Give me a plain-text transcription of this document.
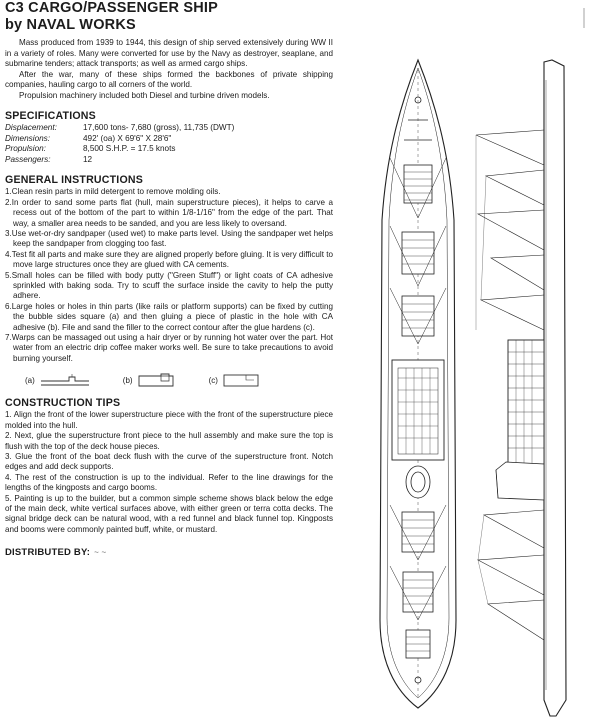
C3 CARGO/PASSENGER SHIP
by NAVAL WORKS

Mass produced from 1939 to 1944, this design of ship served extensively during WW II in a variety of roles. Many were converted for use by the Navy as destroyer, seaplane, and submarine tenders; attack transports; as well as armed cargo ships.

After the war, many of these ships formed the backbones of private shipping companies, hauling cargo to all corners of the world.

Propulsion machinery included both Diesel and turbine driven models.

SPECIFICATIONS
Displacement:	17,600 tons- 7,680 (gross), 11,735 (DWT)
Dimensions:	492' (oa) X 69'6" X 28'6"
Propulsion:	8,500 S.H.P. = 17.5 knots
Passengers:	12
GENERAL INSTRUCTIONS
1.Clean resin parts in mild detergent to remove molding oils.
2.In order to sand some parts flat (hull, main superstructure pieces), it helps to carve a recess out of the bottom of the part to within 1/8-1/16" from the edge of the part. That way, a smaller area needs to be sanded, and you are less likely to oversand.
3.Use wet-or-dry sandpaper (used wet) to make parts level. Using the sandpaper wet helps keep the sandpaper from clogging too fast.
4.Test fit all parts and make sure they are aligned properly before gluing. It is very difficult to move large structures once they are glued with CA cements.
5.Small holes can be filled with body putty ("Green Stuff") or light coats of CA adhesive sprinkled with baking soda. Try to scuff the surface inside the cavity to help the putty adhere.
6.Large holes or holes in thin parts (like rails or platform supports) can be fixed by cutting the bubble sides square (a) and then gluing a piece of plastic in the hole with CA adhesive (b). File and sand the filler to the correct contour after the glue hardens (c).
7.Warps can be massaged out using a hair dryer or by running hot water over the part. Hot water from an electric drip coffee maker works well. Be sure to take precautions to avoid burning yourself.
(a)	(b)	(c)
CONSTRUCTION TIPS
1. Align the front of the lower superstructure piece with the front of the superstructure piece molded into the hull.
2. Next, glue the superstructure front piece to the hull assembly and make sure the top is flush with the top of the deck house pieces.
3. Glue the front of the boat deck flush with the curve of the superstructure front. Notch edges and add deck supports.
4. The rest of the construction is up to the individual. Refer to the line drawings for the lengths of the kingposts and cargo booms.
5. Painting is up to the builder, but a common simple scheme shows black below the edge of the main deck, white vertical surfaces above, with either green or terra cotta decks. The signal bridge deck can be natural wood, with a red funnel and black funnel top. Kingposts and booms were commonly painted buff, white, or mustard.
DISTRIBUTED BY: ~ ~
